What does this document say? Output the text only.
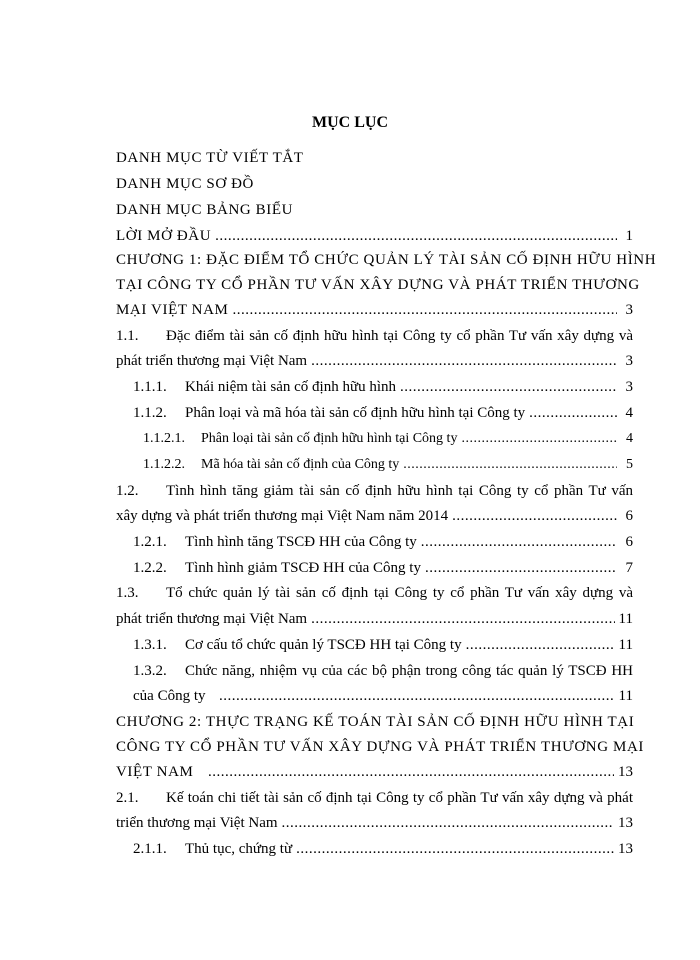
MỤC LỤC
DANH MỤC TỪ VIẾT TẮT
DANH MỤC SƠ ĐỒ
DANH MỤC BẢNG BIỂU
LỜI MỞ ĐẦU .....	1
CHƯƠNG 1: ĐẶC ĐIỂM TỔ CHỨC QUẢN LÝ TÀI SẢN CỐ ĐỊNH HỮU HÌNH
TẠI CÔNG TY CỔ PHẦN TƯ VẤN XÂY DỰNG VÀ PHÁT TRIỂN THƯƠNG
MẠI VIỆT NAM .....	3
1.1. Đặc điểm tài sản cố định hữu hình tại Công ty cổ phần Tư vấn xây dựng và
phát triển thương mại Việt Nam .....	3
1.1.1.	Khái niệm tài sản cố định hữu hình .....	3
1.1.2.	Phân loại và mã hóa tài sản cố định hữu hình tại Công ty .....	4
1.1.2.1.	Phân loại tài sản cố định hữu hình tại Công ty .....	4
1.1.2.2.	Mã hóa tài sản cố định của Công ty .....	5
1.2. Tình hình tăng giảm tài sản cố định hữu hình tại Công ty cổ phần Tư vấn
xây dựng và phát triển thương mại Việt Nam năm 2014 .....	6
1.2.1.	Tình hình tăng TSCĐ HH của Công ty .....	6
1.2.2.	Tình hình giảm TSCĐ HH của Công ty .....	7
1.3. Tổ chức quản lý tài sản cố định tại Công ty cổ phần Tư vấn xây dựng và
phát triển thương mại Việt Nam .....	11
1.3.1.	Cơ cấu tổ chức quản lý TSCĐ HH tại Công ty .....	11
1.3.2. Chức năng, nhiệm vụ của các bộ phận trong công tác quản lý TSCĐ HH
của Công ty .....	11
CHƯƠNG 2: THỰC TRẠNG KẾ TOÁN TÀI SẢN CỐ ĐỊNH HỮU HÌNH TẠI
CÔNG TY CỔ PHẦN TƯ VẤN XÂY DỰNG VÀ PHÁT TRIỂN THƯƠNG MẠI
VIỆT NAM .....	13
2.1. Kế toán chi tiết tài sản cố định tại Công ty cổ phần Tư vấn xây dựng và phát
triển thương mại Việt Nam .....	13
2.1.1.	Thủ tục, chứng từ .....	13
